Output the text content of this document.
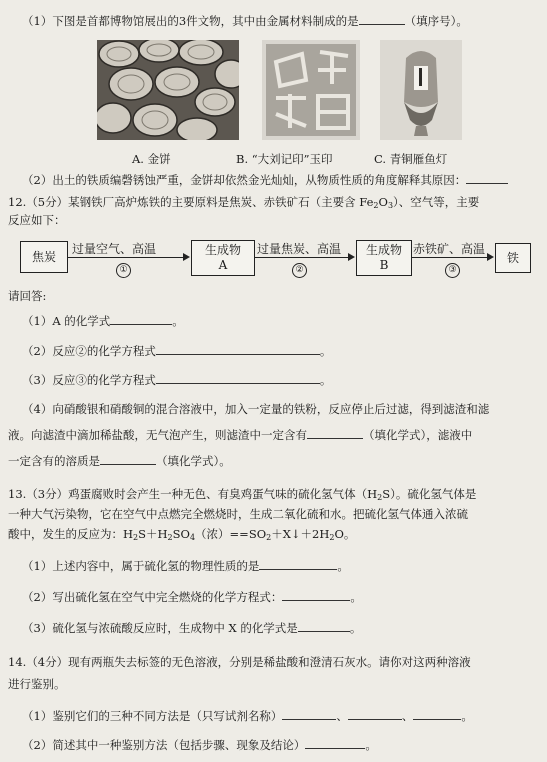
（1）下图是首都博物馆展出的3件文物，其中由金属材料制成的是	（填序号）。
A. 金饼	B. “大刘记印”玉印	C. 青铜雁鱼灯
（2）出土的铁质编磬锈蚀严重，金饼却依然金光灿灿，从物质性质的角度解释其原因：
12.（5分）某钢铁厂高炉炼铁的主要原料是焦炭、赤铁矿石（主要含 $Fe_2O_3$）、空气等，主要
反应如下：
焦炭
过量空气、高温
①
生成物
A
过量焦炭、高温
②
生成物
B
赤铁矿、高温
③
铁
请回答:
（1）A 的化学式	。
（2）反应②的化学方程式	。
（3）反应③的化学方程式	。
（4）向硝酸银和硝酸铜的混合溶液中，加入一定量的铁粉，反应停止后过滤，得到滤渣和滤
液。向滤渣中滴加稀盐酸，无气泡产生，则滤渣中一定含有	（填化学式），滤液中
一定含有的溶质是	（填化学式）。
13.（3分）鸡蛋腐败时会产生一种无色、有臭鸡蛋气味的硫化氢气体$(H_2S)$。硫化氢气体是
一种大气污染物，它在空气中点燃完全燃烧时，生成二氧化硫和水。把硫化氢气体通入浓硫
酸中，发生的反应为：$H_2S+H_2SO_4$（浓）$==SO_2+X↓+2H_2O$。
（1）上述内容中，属于硫化氢的物理性质的是	。
（2）写出硫化氢在空气中完全燃烧的化学方程式：	。
（3）硫化氢与浓硫酸反应时，生成物中 X 的化学式是	。
14.（4分）现有两瓶失去标签的无色溶液，分别是稀盐酸和澄清石灰水。请你对这两种溶液
进行鉴别。
（1）鉴别它们的三种不同方法是（只写试剂名称）	、	、	。
（2）简述其中一种鉴别方法（包括步骤、现象及结论）	。
